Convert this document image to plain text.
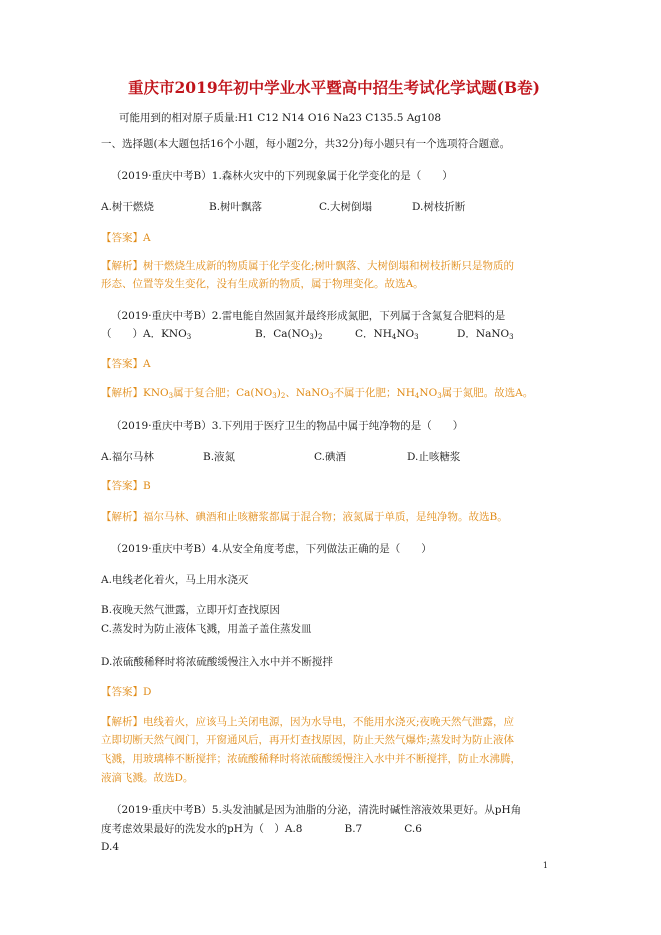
重庆市2019年初中学业水平暨高中招生考试化学试题(B卷)
可能用到的相对原子质量:H1 C12 N14 O16 Na23 C135.5 Ag108
一、选择题(本大题包括16个小题，每小题2分，共32分)每小题只有一个选项符合题意。
（2019·重庆中考B）1.森林火灾中的下列现象属于化学变化的是（　　）
A.树干燃烧	B.树叶飘落	C.大树倒塌	D.树枝折断
【答案】A
【解析】树干燃烧生成新的物质属于化学变化;树叶飘落、大树倒塌和树枝折断只是物质的
形态、位置等发生变化，没有生成新的物质，属于物理变化。故选A。
（2019·重庆中考B）2.雷电能自然固氮并最终形成氮肥，下列属于含氮复合肥料的是
（　　）A．$KNO_3$	B．$Ca(NO_3)_2$	C．$NH_4NO_3$	D．NaNO$_3$
【答案】A
【解析】$KNO_3$属于复合肥；$Ca(NO_3)_2$、NaNO$_3$不属于化肥；$NH_4NO_3$属于氮肥。故选A。
（2019·重庆中考B）3.下列用于医疗卫生的物品中属于纯净物的是（　　）
A.福尔马林	B.液氮	C.碘酒	D.止咳糖浆
【答案】B
【解析】福尔马林、碘酒和止咳糖浆都属于混合物；液氮属于单质，是纯净物。故选B。
（2019·重庆中考B）4.从安全角度考虑，下列做法正确的是（　　）
A.电线老化着火，马上用水浇灭
B.夜晚天然气泄露，立即开灯查找原因
C.蒸发时为防止液体飞溅，用盖子盖住蒸发皿
D.浓硫酸稀释时将浓硫酸缓慢注入水中并不断搅拌
【答案】D
【解析】电线着火，应该马上关闭电源，因为水导电，不能用水浇灭;夜晚天然气泄露，应
立即切断天然气阀门，开窗通风后，再开灯查找原因，防止天然气爆炸;蒸发时为防止液体
飞溅，用玻璃棒不断搅拌；浓硫酸稀释时将浓硫酸缓慢注入水中并不断搅拌，防止水沸腾，
液滴飞溅。故选D。
（2019·重庆中考B）5.头发油腻是因为油脂的分泌，清洗时碱性溶液效果更好。从pH角
度考虑效果最好的洗发水的pH为（　）A.8　　　　B.7　　　　C.6
D.4
1
